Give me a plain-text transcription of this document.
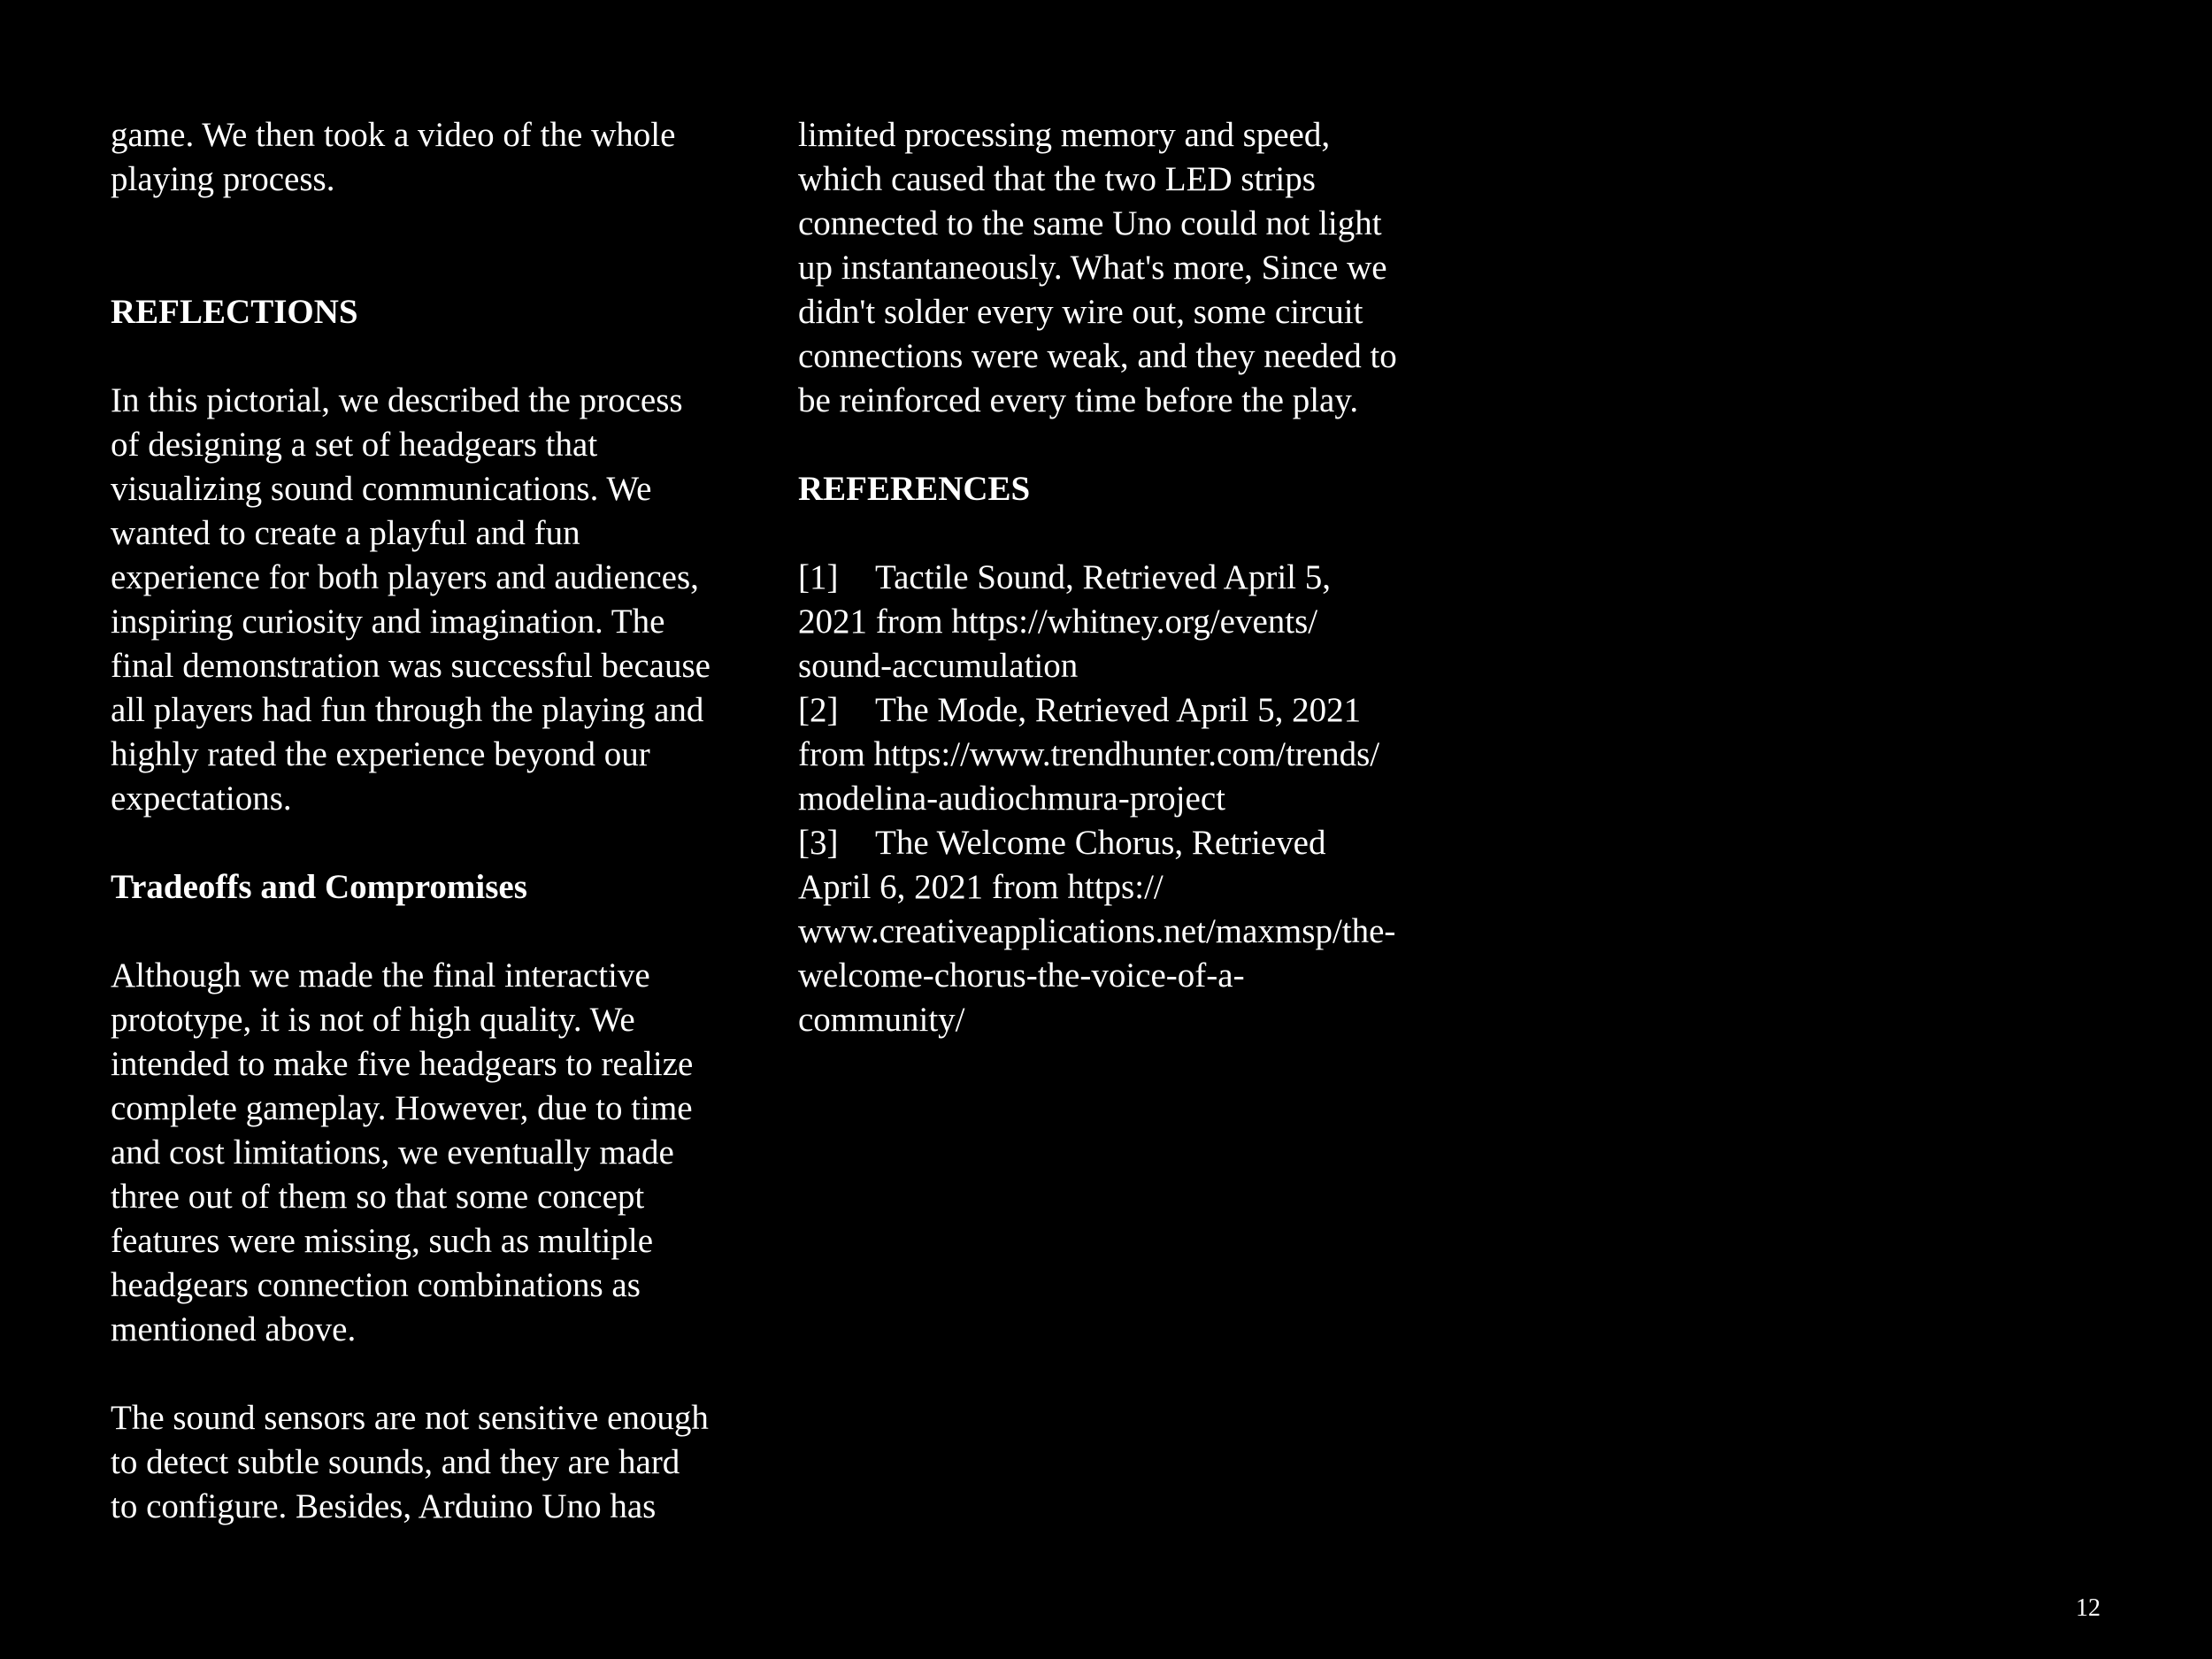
game. We then took a video of the whole
playing process.
REFLECTIONS
In this pictorial, we described the process
of designing a set of headgears that
visualizing sound communications. We
wanted to create a playful and fun
experience for both players and audiences,
inspiring curiosity and imagination. The
final demonstration was successful because
all players had fun through the playing and
highly rated the experience beyond our
expectations.
Tradeoffs and Compromises
Although we made the final interactive
prototype, it is not of high quality. We
intended to make five headgears to realize
complete gameplay. However, due to time
and cost limitations, we eventually made
three out of them so that some concept
features were missing, such as multiple
headgears connection combinations as
mentioned above.
The sound sensors are not sensitive enough
to detect subtle sounds, and they are hard
to configure. Besides, Arduino Uno has
limited processing memory and speed,
which caused that the two LED strips
connected to the same Uno could not light
up instantaneously. What's more, Since we
didn't solder every wire out, some circuit
connections were weak, and they needed to
be reinforced every time before the play.
REFERENCES
[1] Tactile Sound, Retrieved April 5,
2021 from https://whitney.org/events/
sound-accumulation
[2] The Mode, Retrieved April 5, 2021
from https://www.trendhunter.com/trends/
modelina-audiochmura-project
[3] The Welcome Chorus, Retrieved
April 6, 2021 from https://
www.creativeapplications.net/maxmsp/the-
welcome-chorus-the-voice-of-a-
community/
12
